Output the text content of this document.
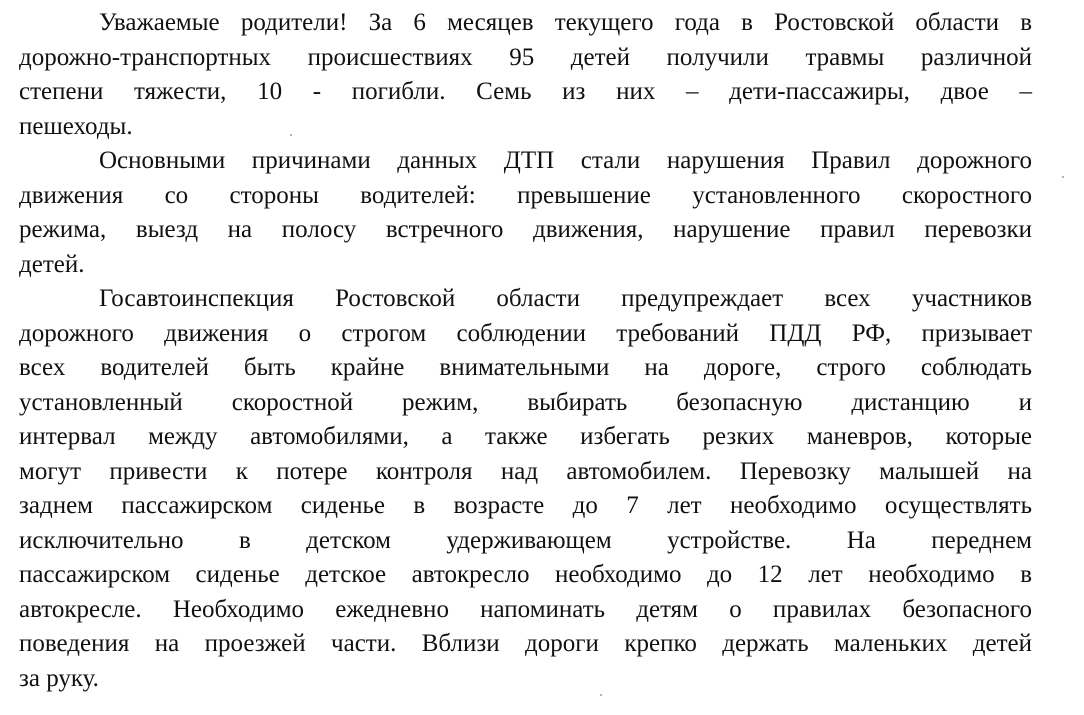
Уважаемые родители! За 6 месяцев текущего года в Ростовской области в
дорожно-транспортных происшествиях 95 детей получили травмы различной
степени тяжести, 10 - погибли. Семь из них – дети-пассажиры, двое –
пешеходы.
Основными причинами данных ДТП стали нарушения Правил дорожного
движения со стороны водителей: превышение установленного скоростного
режима, выезд на полосу встречного движения, нарушение правил перевозки
детей.
Госавтоинспекция Ростовской области предупреждает всех участников
дорожного движения о строгом соблюдении требований ПДД РФ, призывает
всех водителей быть крайне внимательными на дороге, строго соблюдать
установленный скоростной режим, выбирать безопасную дистанцию и
интервал между автомобилями, а также избегать резких маневров, которые
могут привести к потере контроля над автомобилем. Перевозку малышей на
заднем пассажирском сиденье в возрасте до 7 лет необходимо осуществлять
исключительно в детском удерживающем устройстве. На переднем
пассажирском сиденье детское автокресло необходимо до 12 лет необходимо в
автокресле. Необходимо ежедневно напоминать детям о правилах безопасного
поведения на проезжей части. Вблизи дороги крепко держать маленьких детей
за руку.
